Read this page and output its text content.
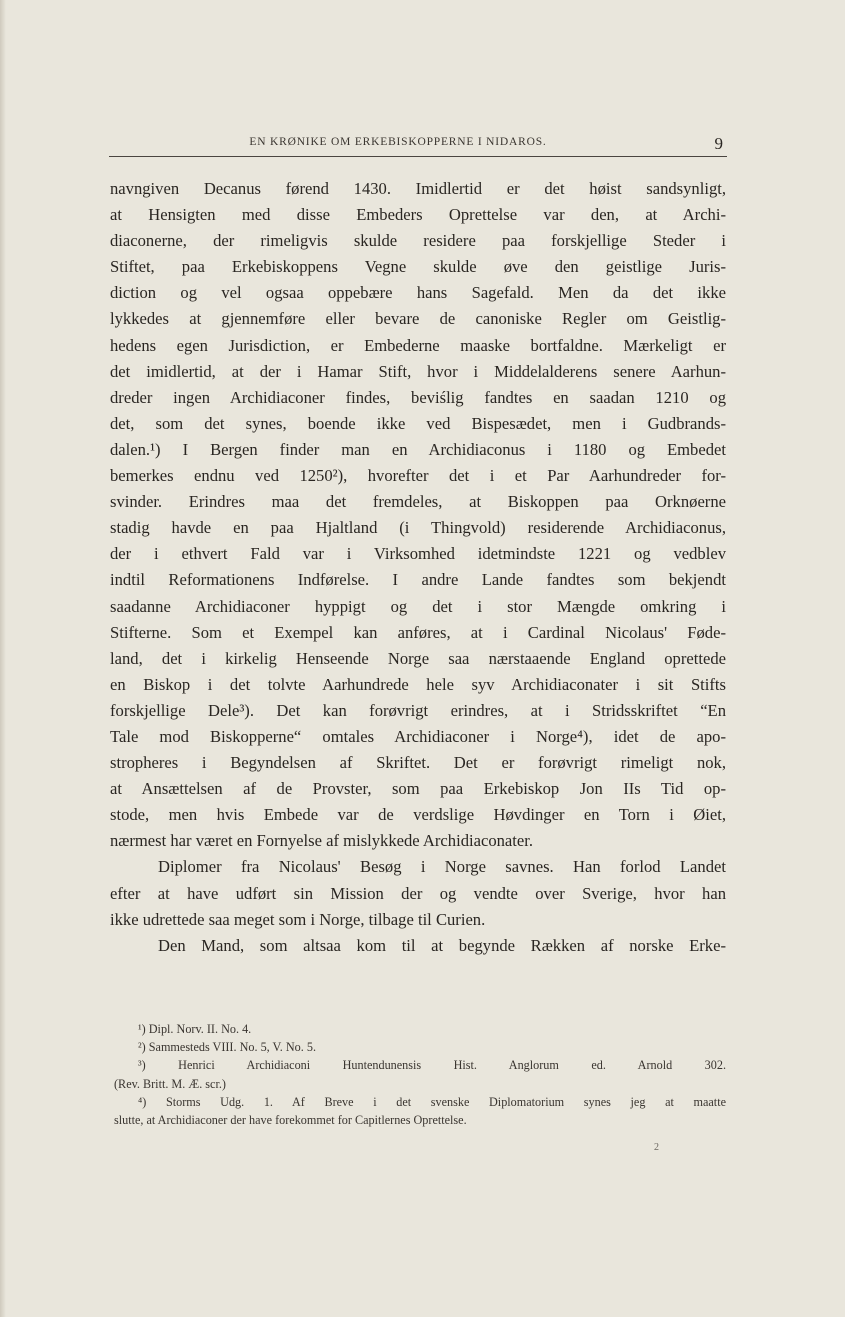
EN KRØNIKE OM ERKEBISKOPPERNE I NIDAROS.	9
navngiven Decanus førend 1430. Imidlertid er det høist sandsynligt,
at Hensigten med disse Embeders Oprettelse var den, at Archi-
diaconerne, der rimeligvis skulde residere paa forskjellige Steder i
Stiftet, paa Erkebiskoppens Vegne skulde øve den geistlige Juris-
diction og vel ogsaa oppebære hans Sagefald. Men da det ikke
lykkedes at gjennemføre eller bevare de canoniske Regler om Geistlig-
hedens egen Jurisdiction, er Embederne maaske bortfaldne. Mærkeligt er
det imidlertid, at der i Hamar Stift, hvor i Middelalderens senere Aarhun-
dreder ingen Archidiaconer findes, beviślig fandtes en saadan 1210 og
det, som det synes, boende ikke ved Bispesædet, men i Gudbrands-
dalen.¹) I Bergen finder man en Archidiaconus i 1180 og Embedet
bemerkes endnu ved 1250²), hvorefter det i et Par Aarhundreder for-
svinder. Erindres maa det fremdeles, at Biskoppen paa Orknøerne
stadig havde en paa Hjaltland (i Thingvold) residerende Archidiaconus,
der i ethvert Fald var i Virksomhed idetmindste 1221 og vedblev
indtil Reformationens Indførelse. I andre Lande fandtes som bekjendt
saadanne Archidiaconer hyppigt og det i stor Mængde omkring i
Stifterne. Som et Exempel kan anføres, at i Cardinal Nicolaus' Føde-
land, det i kirkelig Henseende Norge saa nærstaaende England oprettede
en Biskop i det tolvte Aarhundrede hele syv Archidiaconater i sit Stifts
forskjellige Dele³). Det kan forøvrigt erindres, at i Stridsskriftet “En
Tale mod Biskopperne“ omtales Archidiaconer i Norge⁴), idet de apo-
stropheres i Begyndelsen af Skriftet. Det er forøvrigt rimeligt nok,
at Ansættelsen af de Provster, som paa Erkebiskop Jon IIs Tid op-
stode, men hvis Embede var de verdslige Høvdinger en Torn i Øiet,
nærmest har været en Fornyelse af mislykkede Archidiaconater.
Diplomer fra Nicolaus' Besøg i Norge savnes. Han forlod Landet
efter at have udført sin Mission der og vendte over Sverige, hvor han
ikke udrettede saa meget som i Norge, tilbage til Curien.
Den Mand, som altsaa kom til at begynde Rækken af norske Erke-
¹) Dipl. Norv. II. No. 4.
²) Sammesteds VIII. No. 5, V. No. 5.
³) Henrici Archidiaconi Huntendunensis Hist. Anglorum ed. Arnold 302.
(Rev. Britt. M. Æ. scr.)
⁴) Storms Udg. 1. Af Breve i det svenske Diplomatorium synes jeg at maatte
slutte, at Archidiaconer der have forekommet for Capitlernes Oprettelse.
2
